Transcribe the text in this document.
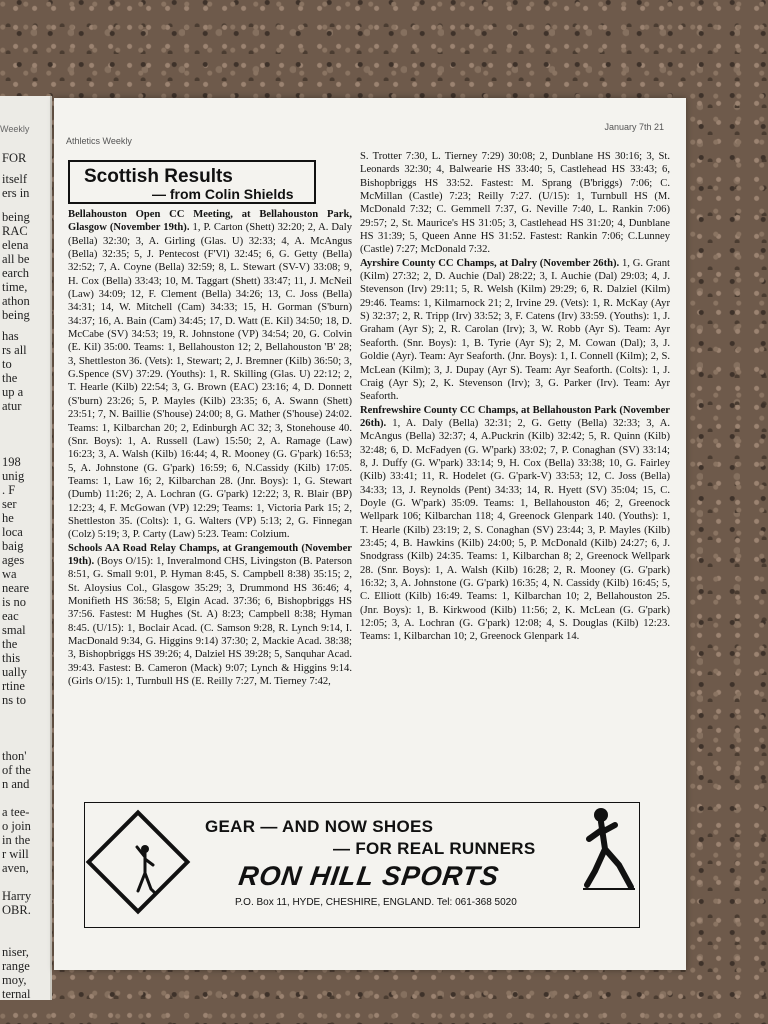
Weekly
FOR
itself
ers in
being
RAC
elena
all be
earch
time,
athon
being
has
rs all
to
the
up a
atur
198
unig
. F
ser
he
loca
baig
ages
wa
neare
is no
eac
smal
the
this
ually
rtine
ns to
thon'
of the
n and
a tee-
o join
in the
r will
aven,
Harry
OBR.
niser,
range
moy,
ternal
Athletics Weekly
January 7th 21
Scottish Results
— from Colin Shields

Bellahouston Open CC Meeting, at Bellahouston Park, Glasgow (November 19th). 1, P. Carton (Shett) 32:20; 2, A. Daly (Bella) 32:30; 3, A. Girling (Glas. U) 32:33; 4, A. McAngus (Bella) 32:35; 5, J. Pentecost (F'Vl) 32:45; 6, G. Getty (Bella) 32:52; 7, A. Coyne (Bella) 32:59; 8, L. Stewart (SV-V) 33:08; 9, H. Cox (Bella) 33:43; 10, M. Taggart (Shett) 33:47; 11, J. McNeil (Law) 34:09; 12, F. Clement (Bella) 34:26; 13, C. Joss (Bella) 34:31; 14, W. Mitchell (Cam) 34:33; 15, H. Gorman (S'burn) 34:37; 16, A. Bain (Cam) 34:45; 17, D. Watt (E. Kil) 34:50; 18, D. McCabe (SV) 34:53; 19, R. Johnstone (VP) 34:54; 20, G. Colvin (E. Kil) 35:00. Teams: 1, Bellahouston 12; 2, Bellahouston 'B' 28; 3, Shettleston 36. (Vets): 1, Stewart; 2, J. Bremner (Kilb) 36:50; 3, G.Spence (SV) 37:29. (Youths): 1, R. Skilling (Glas. U) 22:12; 2, T. Hearle (Kilb) 22:54; 3, G. Brown (EAC) 23:16; 4, D. Donnett (S'burn) 23:26; 5, P. Mayles (Kilb) 23:35; 6, A. Swann (Shett) 23:51; 7, N. Baillie (S'house) 24:00; 8, G. Mather (S'house) 24:02. Teams: 1, Kilbarchan 20; 2, Edinburgh AC 32; 3, Stonehouse 40. (Snr. Boys): 1, A. Russell (Law) 15:50; 2, A. Ramage (Law) 16:23; 3, A. Walsh (Kilb) 16:44; 4, R. Mooney (G. G'park) 16:53; 5, A. Johnstone (G. G'park) 16:59; 6, N.Cassidy (Kilb) 17:05. Teams: 1, Law 16; 2, Kilbarchan 28. (Jnr. Boys): 1, G. Stewart (Dumb) 11:26; 2, A. Lochran (G. G'park) 12:22; 3, R. Blair (BP) 12:23; 4, F. McGowan (VP) 12:29; Teams: 1, Victoria Park 15; 2, Shettleston 35. (Colts): 1, G. Walters (VP) 5:13; 2, G. Finnegan (Colz) 5:19; 3, P. Carty (Law) 5:23. Team: Colzium.

Schools AA Road Relay Champs, at Grangemouth (November 19th). (Boys O/15): 1, Inveralmond CHS, Livingston (B. Paterson 8:51, G. Small 9:01, P. Hyman 8:45, S. Campbell 8:38) 35:15; 2, St. Aloysius Col., Glasgow 35:29; 3, Drummond HS 36:46; 4, Monifieth HS 36:58; 5, Elgin Acad. 37:36; 6, Bishopbriggs HS 37:56. Fastest: M Hughes (St. A) 8:23; Campbell 8:38; Hyman 8:45. (U/15): 1, Boclair Acad. (C. Samson 9:28, R. Lynch 9:14, I. MacDonald 9:34, G. Higgins 9:14) 37:30; 2, Mackie Acad. 38:38; 3, Bishopbriggs HS 39:26; 4, Dalziel HS 39:28; 5, Sanquhar Acad. 39:43. Fastest: B. Cameron (Mack) 9:07; Lynch & Higgins 9:14. (Girls O/15): 1, Turnbull HS (E. Reilly 7:27, M. Tierney 7:42,

S. Trotter 7:30, L. Tierney 7:29) 30:08; 2, Dunblane HS 30:16; 3, St. Leonards 32:30; 4, Balwearie HS 33:40; 5, Castlehead HS 33:43; 6, Bishopbriggs HS 33:52. Fastest: M. Sprang (B'briggs) 7:06; C. McMillan (Castle) 7:23; Reilly 7:27. (U/15): 1, Turnbull HS (M. McDonald 7:32; C. Gemmell 7:37, G. Neville 7:40, L. Rankin 7:06) 29:57; 2, St. Maurice's HS 31:05; 3, Castlehead HS 31:20; 4, Dunblane HS 31:39; 5, Queen Anne HS 31:52. Fastest: Rankin 7:06; C.Lunney (Castle) 7:27; McDonald 7:32.

Ayrshire County CC Champs, at Dalry (November 26th). 1, G. Grant (Kilm) 27:32; 2, D. Auchie (Dal) 28:22; 3, I. Auchie (Dal) 29:03; 4, J. Stevenson (Irv) 29:11; 5, R. Welsh (Kilm) 29:29; 6, R. Dalziel (Kilm) 29:46. Teams: 1, Kilmarnock 21; 2, Irvine 29. (Vets): 1, R. McKay (Ayr S) 32:37; 2, R. Tripp (Irv) 33:52; 3, F. Catens (Irv) 33:59. (Youths): 1, J. Graham (Ayr S); 2, R. Carolan (Irv); 3, W. Robb (Ayr S). Team: Ayr Seaforth. (Snr. Boys): 1, B. Tyrie (Ayr S); 2, M. Cowan (Dal); 3, J. Goldie (Ayr). Team: Ayr Seaforth. (Jnr. Boys): 1, I. Connell (Kilm); 2, S. McLean (Kilm); 3, J. Dupay (Ayr S). Team: Ayr Seaforth. (Colts): 1, J. Craig (Ayr S); 2, K. Stevenson (Irv); 3, G. Parker (Irv). Team: Ayr Seaforth.

Renfrewshire County CC Champs, at Bellahouston Park (November 26th). 1, A. Daly (Bella) 32:31; 2, G. Getty (Bella) 32:33; 3, A. McAngus (Bella) 32:37; 4, A.Puckrin (Kilb) 32:42; 5, R. Quinn (Kilb) 32:48; 6, D. McFadyen (G. W'park) 33:02; 7, P. Conaghan (SV) 33:14; 8, J. Duffy (G. W'park) 33:14; 9, H. Cox (Bella) 33:38; 10, G. Fairley (Kilb) 33:41; 11, R. Hodelet (G. G'park-V) 33:53; 12, C. Joss (Bella) 34:33; 13, J. Reynolds (Pent) 34:33; 14, R. Hyett (SV) 35:04; 15, C. Doyle (G. W'park) 35:09. Teams: 1, Bellahouston 46; 2, Greenock Wellpark 106; Kilbarchan 118; 4, Greenock Glenpark 140. (Youths): 1, T. Hearle (Kilb) 23:19; 2, S. Conaghan (SV) 23:44; 3, P. Mayles (Kilb) 23:45; 4, B. Hawkins (Kilb) 24:00; 5, P. McDonald (Kilb) 24:27; 6, J. Snodgrass (Kilb) 24:35. Teams: 1, Kilbarchan 8; 2, Greenock Wellpark 28. (Snr. Boys): 1, A. Walsh (Kilb) 16:28; 2, R. Mooney (G. G'park) 16:32; 3, A. Johnstone (G. G'park) 16:35; 4, N. Cassidy (Kilb) 16:45; 5, C. Elliott (Kilb) 16:49. Teams: 1, Kilbarchan 10; 2, Bellahouston 25. (Jnr. Boys): 1, B. Kirkwood (Kilb) 11:56; 2, K. McLean (G. G'park) 12:05; 3, A. Lochran (G. G'park) 12:08; 4, S. Douglas (Kilb) 12:23. Teams: 1, Kilbarchan 10; 2, Greenock Glenpark 14.

GEAR — AND NOW SHOES
— FOR REAL RUNNERS
RON HILL SPORTS
P.O. Box 11, HYDE, CHESHIRE, ENGLAND. Tel: 061-368 5020
